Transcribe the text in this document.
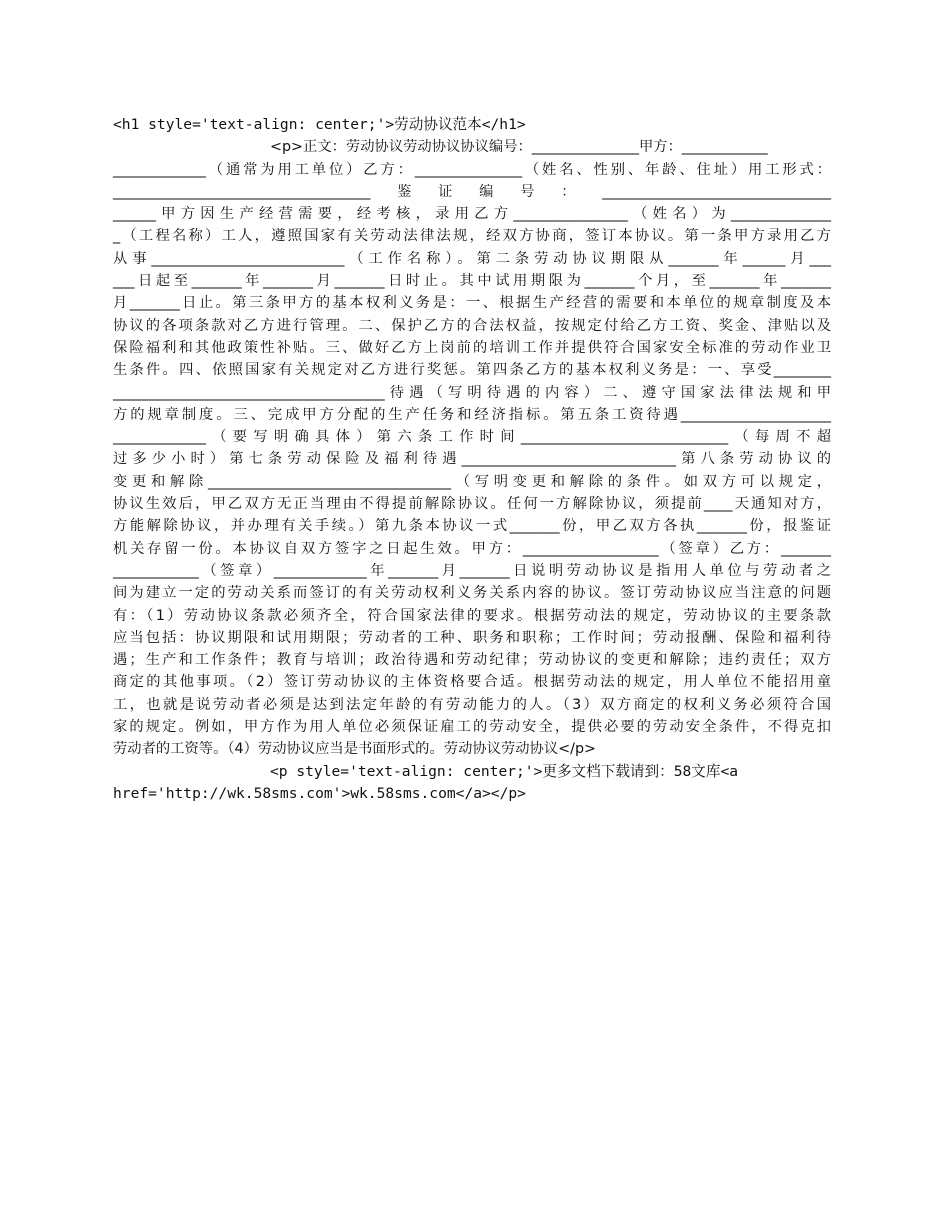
<h1 style='text-align: center;'>劳动协议范本</h1>
<p>正文：劳动协议劳动协议协议编号：_______________甲方：____________
_____________（通常为用工单位）乙方：_______________（姓名、性别、年龄、住址）用工形式：
____________________________________鉴证编号：________________________________
______甲方因生产经营需要，经考核，录用乙方________________（姓名）为______________
_（工程名称）工人，遵照国家有关劳动法律法规，经双方协商，签订本协议。第一条甲方录用乙方
从事___________________________（工作名称）。第二条劳动协议期限从_______年______月___
___日起至_______年_______月_______日时止。其中试用期限为_______个月，至_______年_______
月_______日止。第三条甲方的基本权利义务是：一、根据生产经营的需要和本单位的规章制度及本
协议的各项条款对乙方进行管理。二、保护乙方的合法权益，按规定付给乙方工资、奖金、津贴以及
保险福利和其他政策性补贴。三、做好乙方上岗前的培训工作并提供符合国家安全标准的劳动作业卫
生条件。四、依照国家有关规定对乙方进行奖惩。第四条乙方的基本权利义务是：一、享受________
______________________________________待遇（写明待遇的内容）二、遵守国家法律法规和甲
方的规章制度。三、完成甲方分配的生产任务和经济指标。第五条工资待遇_____________________
_____________（要写明确具体）第六条工作时间_____________________________（每周不超
过多少小时）第七条劳动保险及福利待遇______________________________第八条劳动协议的
变更和解除__________________________________（写明变更和解除的条件。如双方可以规定，
协议生效后，甲乙双方无正当理由不得提前解除协议。任何一方解除协议，须提前____天通知对方，
方能解除协议，并办理有关手续。）第九条本协议一式_______份，甲乙双方各执_______份，报鉴证
机关存留一份。本协议自双方签字之日起生效。甲方：___________________（签章）乙方：_______
____________（签章）_____________年_______月_______日说明劳动协议是指用人单位与劳动者之
间为建立一定的劳动关系而签订的有关劳动权利义务关系内容的协议。签订劳动协议应当注意的问题
有：（1）劳动协议条款必须齐全，符合国家法律的要求。根据劳动法的规定，劳动协议的主要条款
应当包括：协议期限和试用期限；劳动者的工种、职务和职称；工作时间；劳动报酬、保险和福利待
遇；生产和工作条件；教育与培训；政治待遇和劳动纪律；劳动协议的变更和解除；违约责任；双方
商定的其他事项。（2）签订劳动协议的主体资格要合适。根据劳动法的规定，用人单位不能招用童
工，也就是说劳动者必须是达到法定年龄的有劳动能力的人。（3）双方商定的权利义务必须符合国
家的规定。例如，甲方作为用人单位必须保证雇工的劳动安全，提供必要的劳动安全条件，不得克扣
劳动者的工资等。（4）劳动协议应当是书面形式的。劳动协议劳动协议</p>
<p style='text-align: center;'>更多文档下载请到：58文库<a
href='http://wk.58sms.com'>wk.58sms.com</a></p>
